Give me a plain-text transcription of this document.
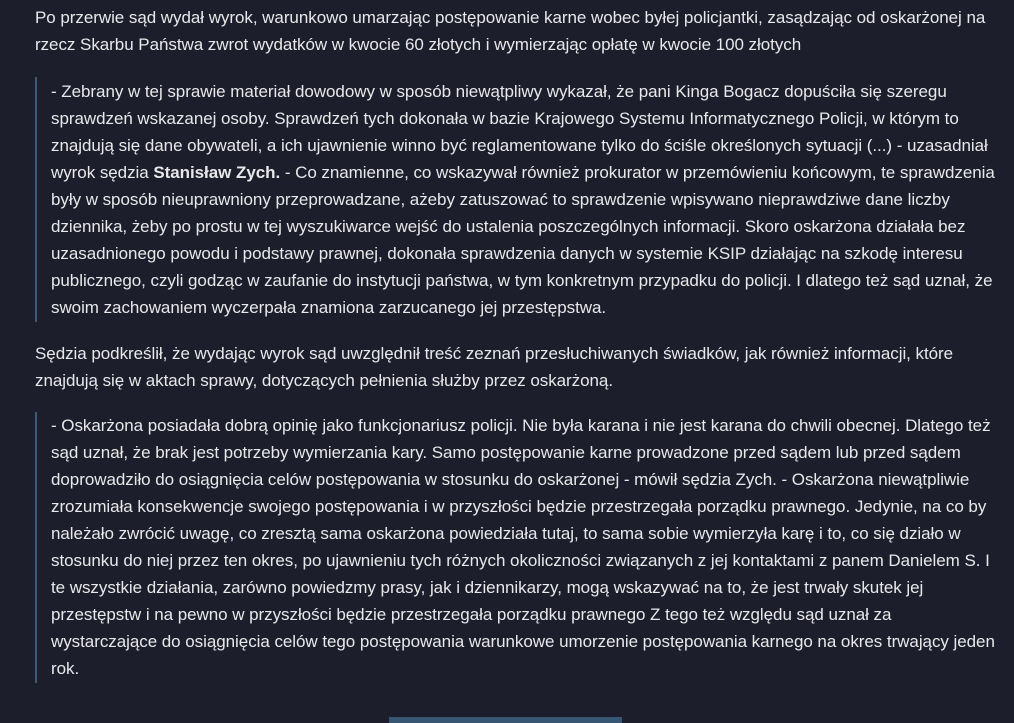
Po przerwie sąd wydał wyrok, warunkowo umarzając postępowanie karne wobec byłej policjantki, zasądzając od oskarżonej na rzecz Skarbu Państwa zwrot wydatków w kwocie 60 złotych i wymierzając opłatę w kwocie 100 złotych

- Zebrany w tej sprawie materiał dowodowy w sposób niewątpliwy wykazał, że pani Kinga Bogacz dopuściła się szeregu sprawdzeń wskazanej osoby. Sprawdzeń tych dokonała w bazie Krajowego Systemu Informatycznego Policji, w którym to znajdują się dane obywateli, a ich ujawnienie winno być reglamentowane tylko do ściśle określonych sytuacji (...) - uzasadniał wyrok sędzia Stanisław Zych. - Co znamienne, co wskazywał również prokurator w przemówieniu końcowym, te sprawdzenia były w sposób nieuprawniony przeprowadzane, ażeby zatuszować to sprawdzenie wpisywano nieprawdziwe dane liczby dziennika, żeby po prostu w tej wyszukiwarce wejść do ustalenia poszczególnych informacji. Skoro oskarżona działała bez uzasadnionego powodu i podstawy prawnej, dokonała sprawdzenia danych w systemie KSIP działając na szkodę interesu publicznego, czyli godząc w zaufanie do instytucji państwa, w tym konkretnym przypadku do policji. I dlatego też sąd uznał, że swoim zachowaniem wyczerpała znamiona zarzucanego jej przestępstwa.

Sędzia podkreślił, że wydając wyrok sąd uwzględnił treść zeznań przesłuchiwanych świadków, jak również informacji, które znajdują się w aktach sprawy, dotyczących pełnienia służby przez oskarżoną.

- Oskarżona posiadała dobrą opinię jako funkcjonariusz policji. Nie była karana i nie jest karana do chwili obecnej. Dlatego też sąd uznał, że brak jest potrzeby wymierzania kary. Samo postępowanie karne prowadzone przed sądem lub przed sądem doprowadziło do osiągnięcia celów postępowania w stosunku do oskarżonej - mówił sędzia Zych. - Oskarżona niewątpliwie zrozumiała konsekwencje swojego postępowania i w przyszłości będzie przestrzegała porządku prawnego. Jedynie, na co by należało zwrócić uwagę, co zresztą sama oskarżona powiedziała tutaj, to sama sobie wymierzyła karę i to, co się działo w stosunku do niej przez ten okres, po ujawnieniu tych różnych okoliczności związanych z jej kontaktami z panem Danielem S. I te wszystkie działania, zarówno powiedzmy prasy, jak i dziennikarzy, mogą wskazywać na to, że jest trwały skutek jej przestępstw i na pewno w przyszłości będzie przestrzegała porządku prawnego Z tego też względu sąd uznał za wystarczające do osiągnięcia celów tego postępowania warunkowe umorzenie postępowania karnego na okres trwający jeden rok.
